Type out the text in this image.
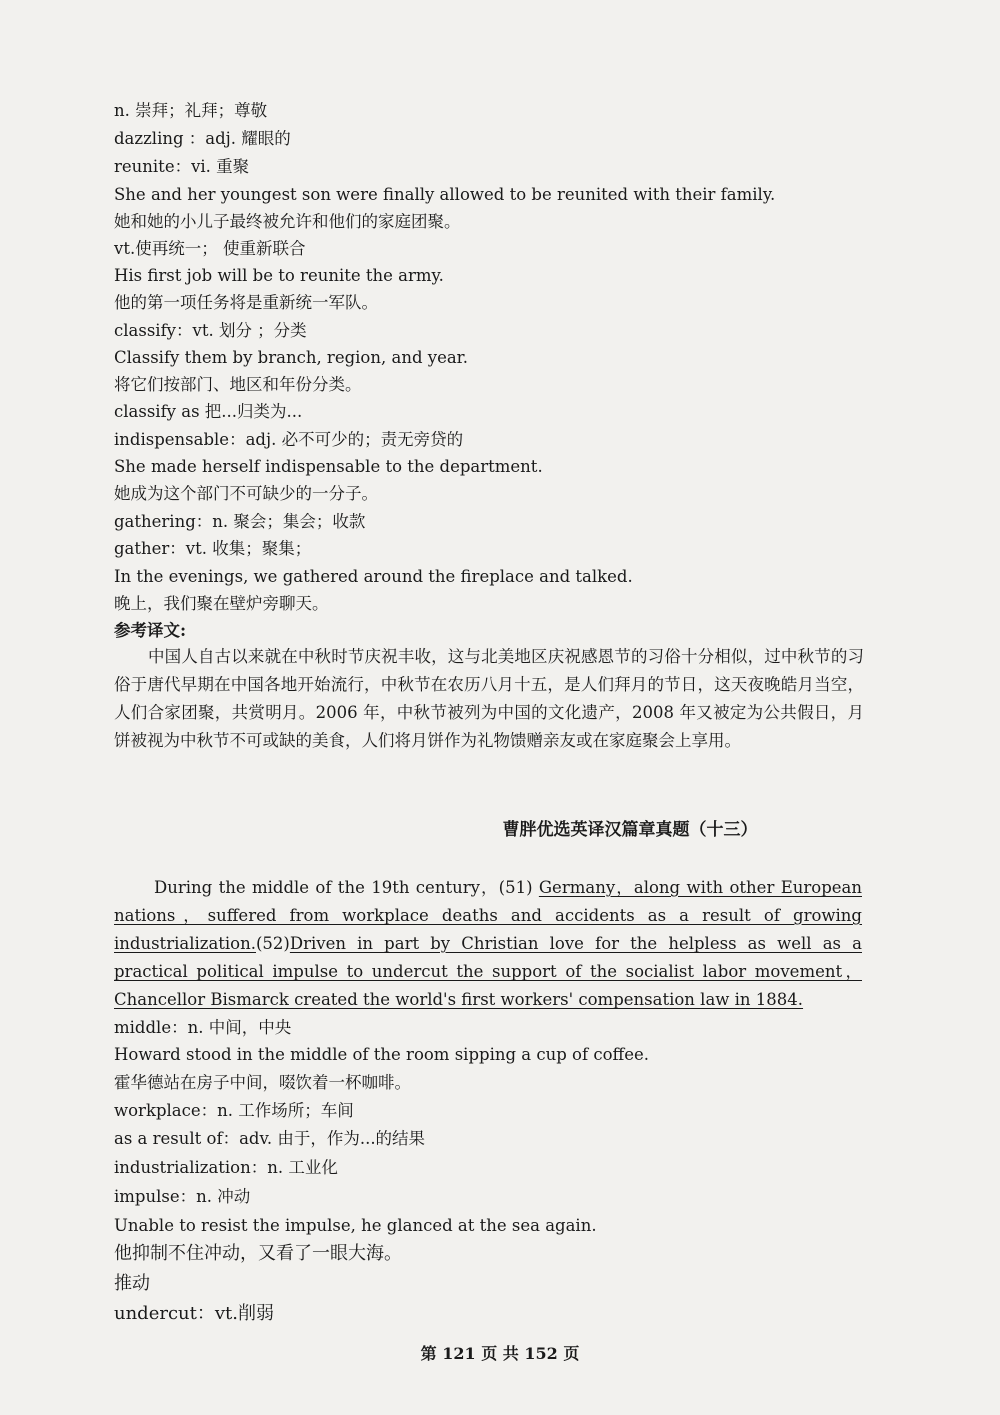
n. 崇拜；礼拜；尊敬
dazzling ：adj. 耀眼的
reunite：vi. 重聚
She and her youngest son were finally allowed to be reunited with their family.
她和她的小儿子最终被允许和他们的家庭团聚。
vt.使再统一； 使重新联合
His first job will be to reunite the army.
他的第一项任务将是重新统一军队。
classify：vt. 划分 ；分类
Classify them by branch, region, and year.
将它们按部门、地区和年份分类。
classify as 把...归类为...
indispensable：adj. 必不可少的；责无旁贷的
She made herself indispensable to the department.
她成为这个部门不可缺少的一分子。
gathering：n. 聚会；集会；收款
gather：vt. 收集；聚集；
In the evenings, we gathered around the fireplace and talked.
晚上，我们聚在壁炉旁聊天。
参考译文:
中国人自古以来就在中秋时节庆祝丰收，这与北美地区庆祝感恩节的习俗十分相似，过中秋节的习俗于唐代早期在中国各地开始流行，中秋节在农历八月十五，是人们拜月的节日，这天夜晚皓月当空，人们合家团聚，共赏明月。2006 年，中秋节被列为中国的文化遗产，2008 年又被定为公共假日，月饼被视为中秋节不可或缺的美食，人们将月饼作为礼物馈赠亲友或在家庭聚会上享用。
曹胖优选英译汉篇章真题（十三）
During the middle of the 19th century，(51) Germany，along with other European nations，suffered from workplace deaths and accidents as a result of growing industrialization.(52)Driven in part by Christian love for the helpless as well as a practical political impulse to undercut the support of the socialist labor movement，Chancellor Bismarck created the world's first workers' compensation law in 1884.
middle：n. 中间，中央
Howard stood in the middle of the room sipping a cup of coffee.
霍华德站在房子中间，啜饮着一杯咖啡。
workplace：n. 工作场所；车间
as a result of：adv. 由于，作为...的结果
industrialization：n. 工业化
impulse：n. 冲动
Unable to resist the impulse, he glanced at the sea again.
他抑制不住冲动，又看了一眼大海。
推动
undercut：vt.削弱
第 121 页 共 152 页
